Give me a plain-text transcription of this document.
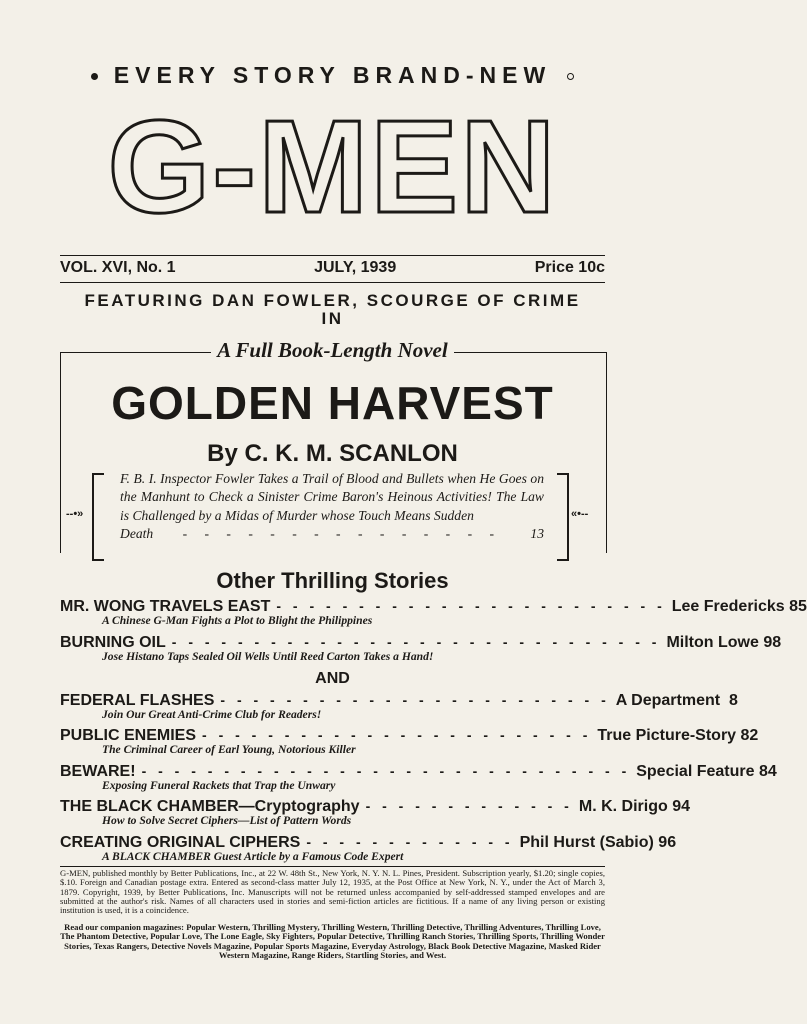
EVERY STORY BRAND-NEW
G-MEN
VOL. XVI, No. 1	JULY, 1939	Price 10c
FEATURING DAN FOWLER, SCOURGE OF CRIME
IN
A Full Book-Length Novel
GOLDEN HARVEST
By C. K. M. SCANLON
--•»	«•--
F. B. I. Inspector Fowler Takes a Trail of Blood and Bullets when He Goes on the Manhunt to Check a Sinister Crime Baron's Heinous Activities! The Law is Challenged by a Midas of Murder whose Touch Means Sudden
Death - - - - - - - - - - - - - - - 13
Other Thrilling Stories
MR. WONG TRAVELS EAST - - - - - - - - - - - - - - - - - - - - - - - - Lee Fredericks 85
A Chinese G-Man Fights a Plot to Blight the Philippines
BURNING OIL - - - - - - - - - - - - - - - - - - - - - - - - - - - - - - Milton Lowe 98
Jose Histano Taps Sealed Oil Wells Until Reed Carton Takes a Hand!
AND
FEDERAL FLASHES - - - - - - - - - - - - - - - - - - - - - - - - A Department 8
Join Our Great Anti-Crime Club for Readers!
PUBLIC ENEMIES - - - - - - - - - - - - - - - - - - - - - - - - True Picture-Story 82
The Criminal Career of Earl Young, Notorious Killer
BEWARE! - - - - - - - - - - - - - - - - - - - - - - - - - - - - - - Special Feature 84
Exposing Funeral Rackets that Trap the Unwary
THE BLACK CHAMBER—Cryptography - - - - - - - - - - - - - M. K. Dirigo 94
How to Solve Secret Ciphers—List of Pattern Words
CREATING ORIGINAL CIPHERS - - - - - - - - - - - - - Phil Hurst (Sabio) 96
A BLACK CHAMBER Guest Article by a Famous Code Expert
G-MEN, published monthly by Better Publications, Inc., at 22 W. 48th St., New York, N. Y. N. L. Pines, President. Subscription yearly, $1.20; single copies, $.10. Foreign and Canadian postage extra. Entered as second-class matter July 12, 1935, at the Post Office at New York, N. Y., under the Act of March 3, 1879. Copyright, 1939, by Better Publications, Inc. Manuscripts will not be returned unless accompanied by self-addressed stamped envelopes and are submitted at the author's risk. Names of all characters used in stories and semi-fiction articles are fictitious. If a name of any living person or existing institution is used, it is a coincidence.
Read our companion magazines: Popular Western, Thrilling Mystery, Thrilling Western, Thrilling Detective, Thrilling Adventures, Thrilling Love, The Phantom Detective, Popular Love, The Lone Eagle, Sky Fighters, Popular Detective, Thrilling Ranch Stories, Thrilling Sports, Thrilling Wonder Stories, Texas Rangers, Detective Novels Magazine, Popular Sports Magazine, Everyday Astrology, Black Book Detective Magazine, Masked Rider Western Magazine, Range Riders, Startling Stories, and West.
